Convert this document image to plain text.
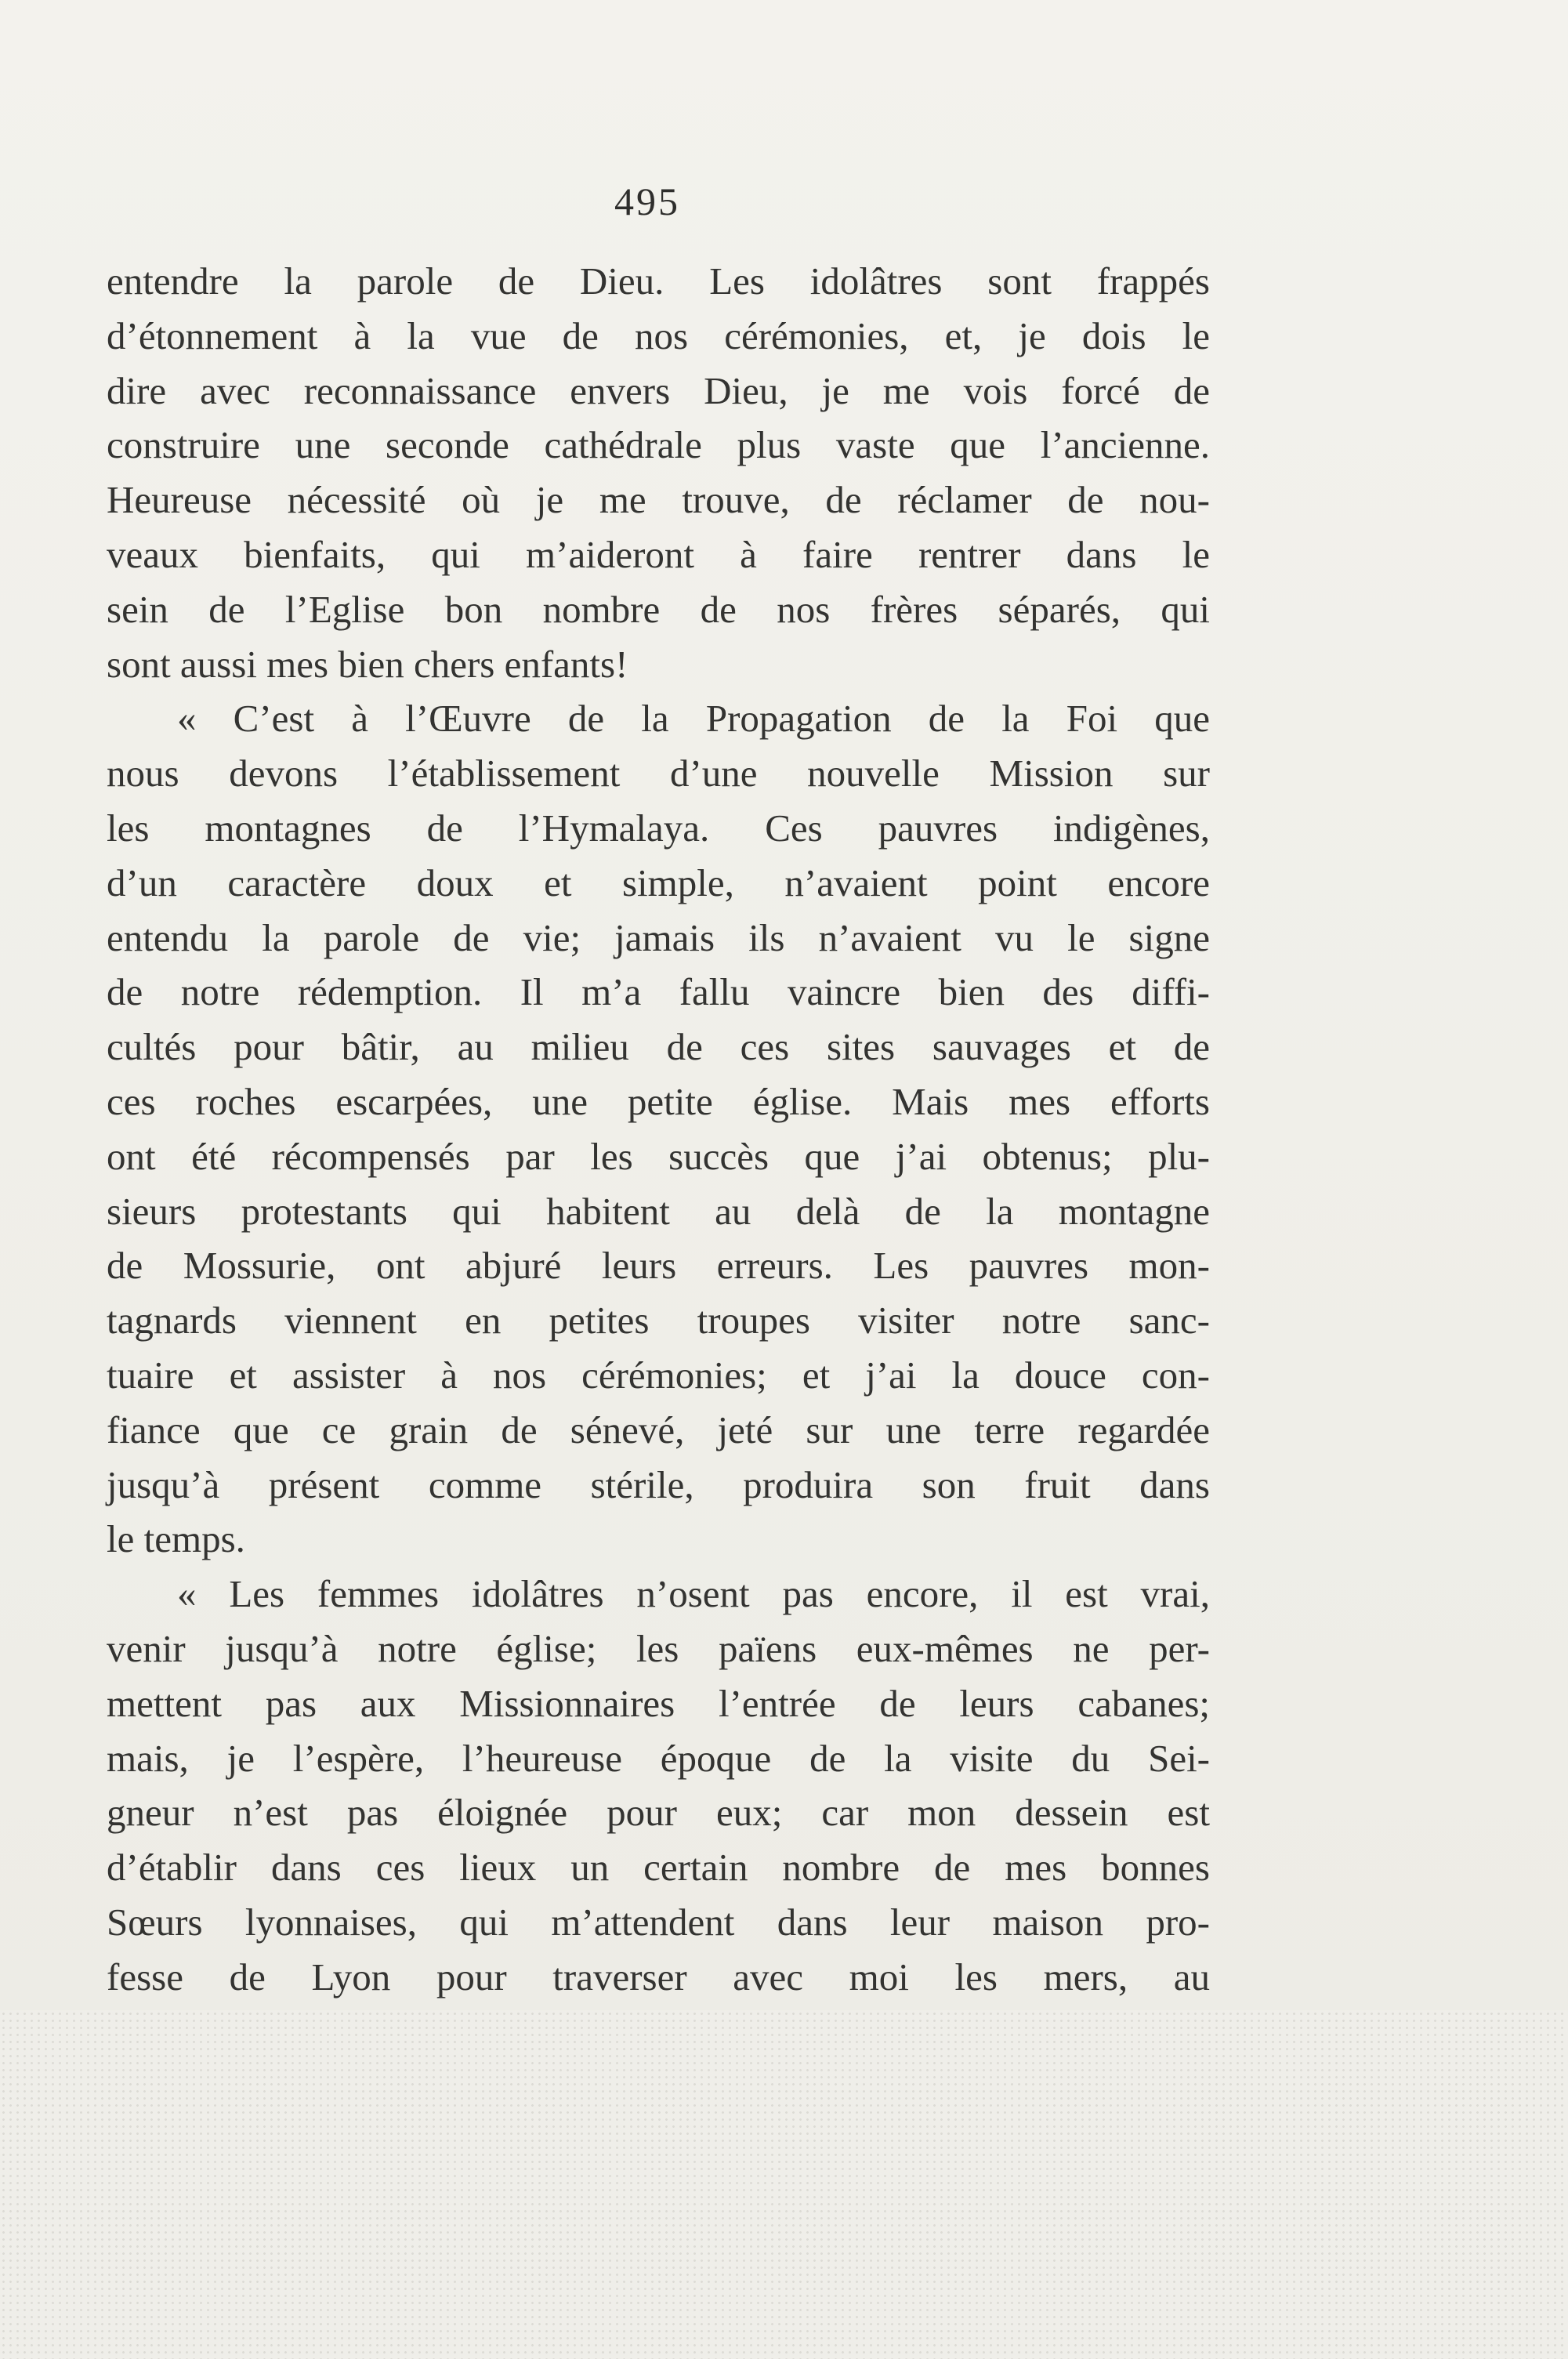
495
entendre la parole de Dieu. Les idolâtres sont frappés
d’étonnement à la vue de nos cérémonies, et, je dois le
dire avec reconnaissance envers Dieu, je me vois forcé de
construire une seconde cathédrale plus vaste que l’ancienne.
Heureuse nécessité où je me trouve, de réclamer de nou-
veaux bienfaits, qui m’aideront à faire rentrer dans le
sein de l’Eglise bon nombre de nos frères séparés, qui
sont aussi mes bien chers enfants!
« C’est à l’Œuvre de la Propagation de la Foi que
nous devons l’établissement d’une nouvelle Mission sur
les montagnes de l’Hymalaya. Ces pauvres indigènes,
d’un caractère doux et simple, n’avaient point encore
entendu la parole de vie; jamais ils n’avaient vu le signe
de notre rédemption. Il m’a fallu vaincre bien des diffi-
cultés pour bâtir, au milieu de ces sites sauvages et de
ces roches escarpées, une petite église. Mais mes efforts
ont été récompensés par les succès que j’ai obtenus; plu-
sieurs protestants qui habitent au delà de la montagne
de Mossurie, ont abjuré leurs erreurs. Les pauvres mon-
tagnards viennent en petites troupes visiter notre sanc-
tuaire et assister à nos cérémonies; et j’ai la douce con-
fiance que ce grain de sénevé, jeté sur une terre regardée
jusqu’à présent comme stérile, produira son fruit dans
le temps.
« Les femmes idolâtres n’osent pas encore, il est vrai,
venir jusqu’à notre église; les païens eux-mêmes ne per-
mettent pas aux Missionnaires l’entrée de leurs cabanes;
mais, je l’espère, l’heureuse époque de la visite du Sei-
gneur n’est pas éloignée pour eux; car mon dessein est
d’établir dans ces lieux un certain nombre de mes bonnes
Sœurs lyonnaises, qui m’attendent dans leur maison pro-
fesse de Lyon pour traverser avec moi les mers, au
